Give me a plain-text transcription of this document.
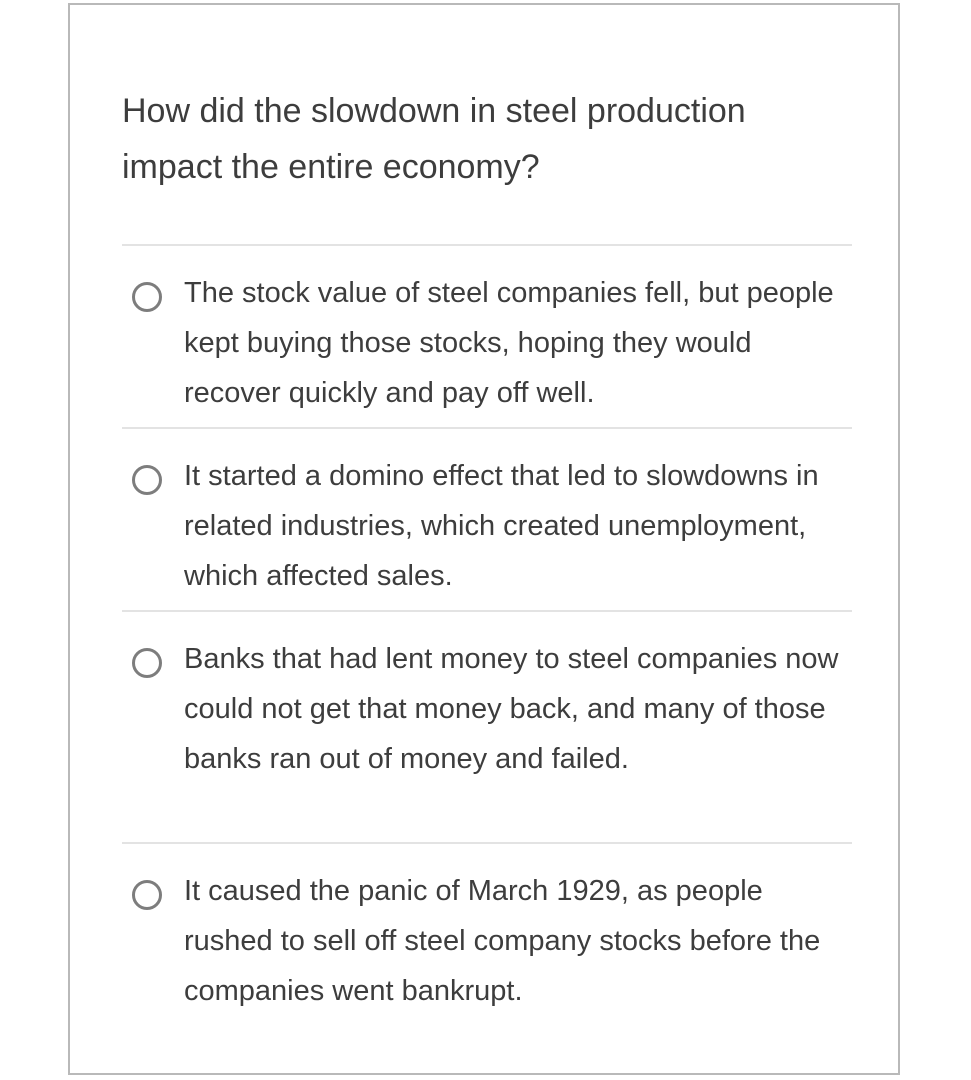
How did the slowdown in steel production impact the entire economy?
The stock value of steel companies fell, but people kept buying those stocks, hoping they would recover quickly and pay off well.
It started a domino effect that led to slowdowns in related industries, which created unemployment, which affected sales.
Banks that had lent money to steel companies now could not get that money back, and many of those banks ran out of money and failed.
It caused the panic of March 1929, as people rushed to sell off steel company stocks before the companies went bankrupt.
